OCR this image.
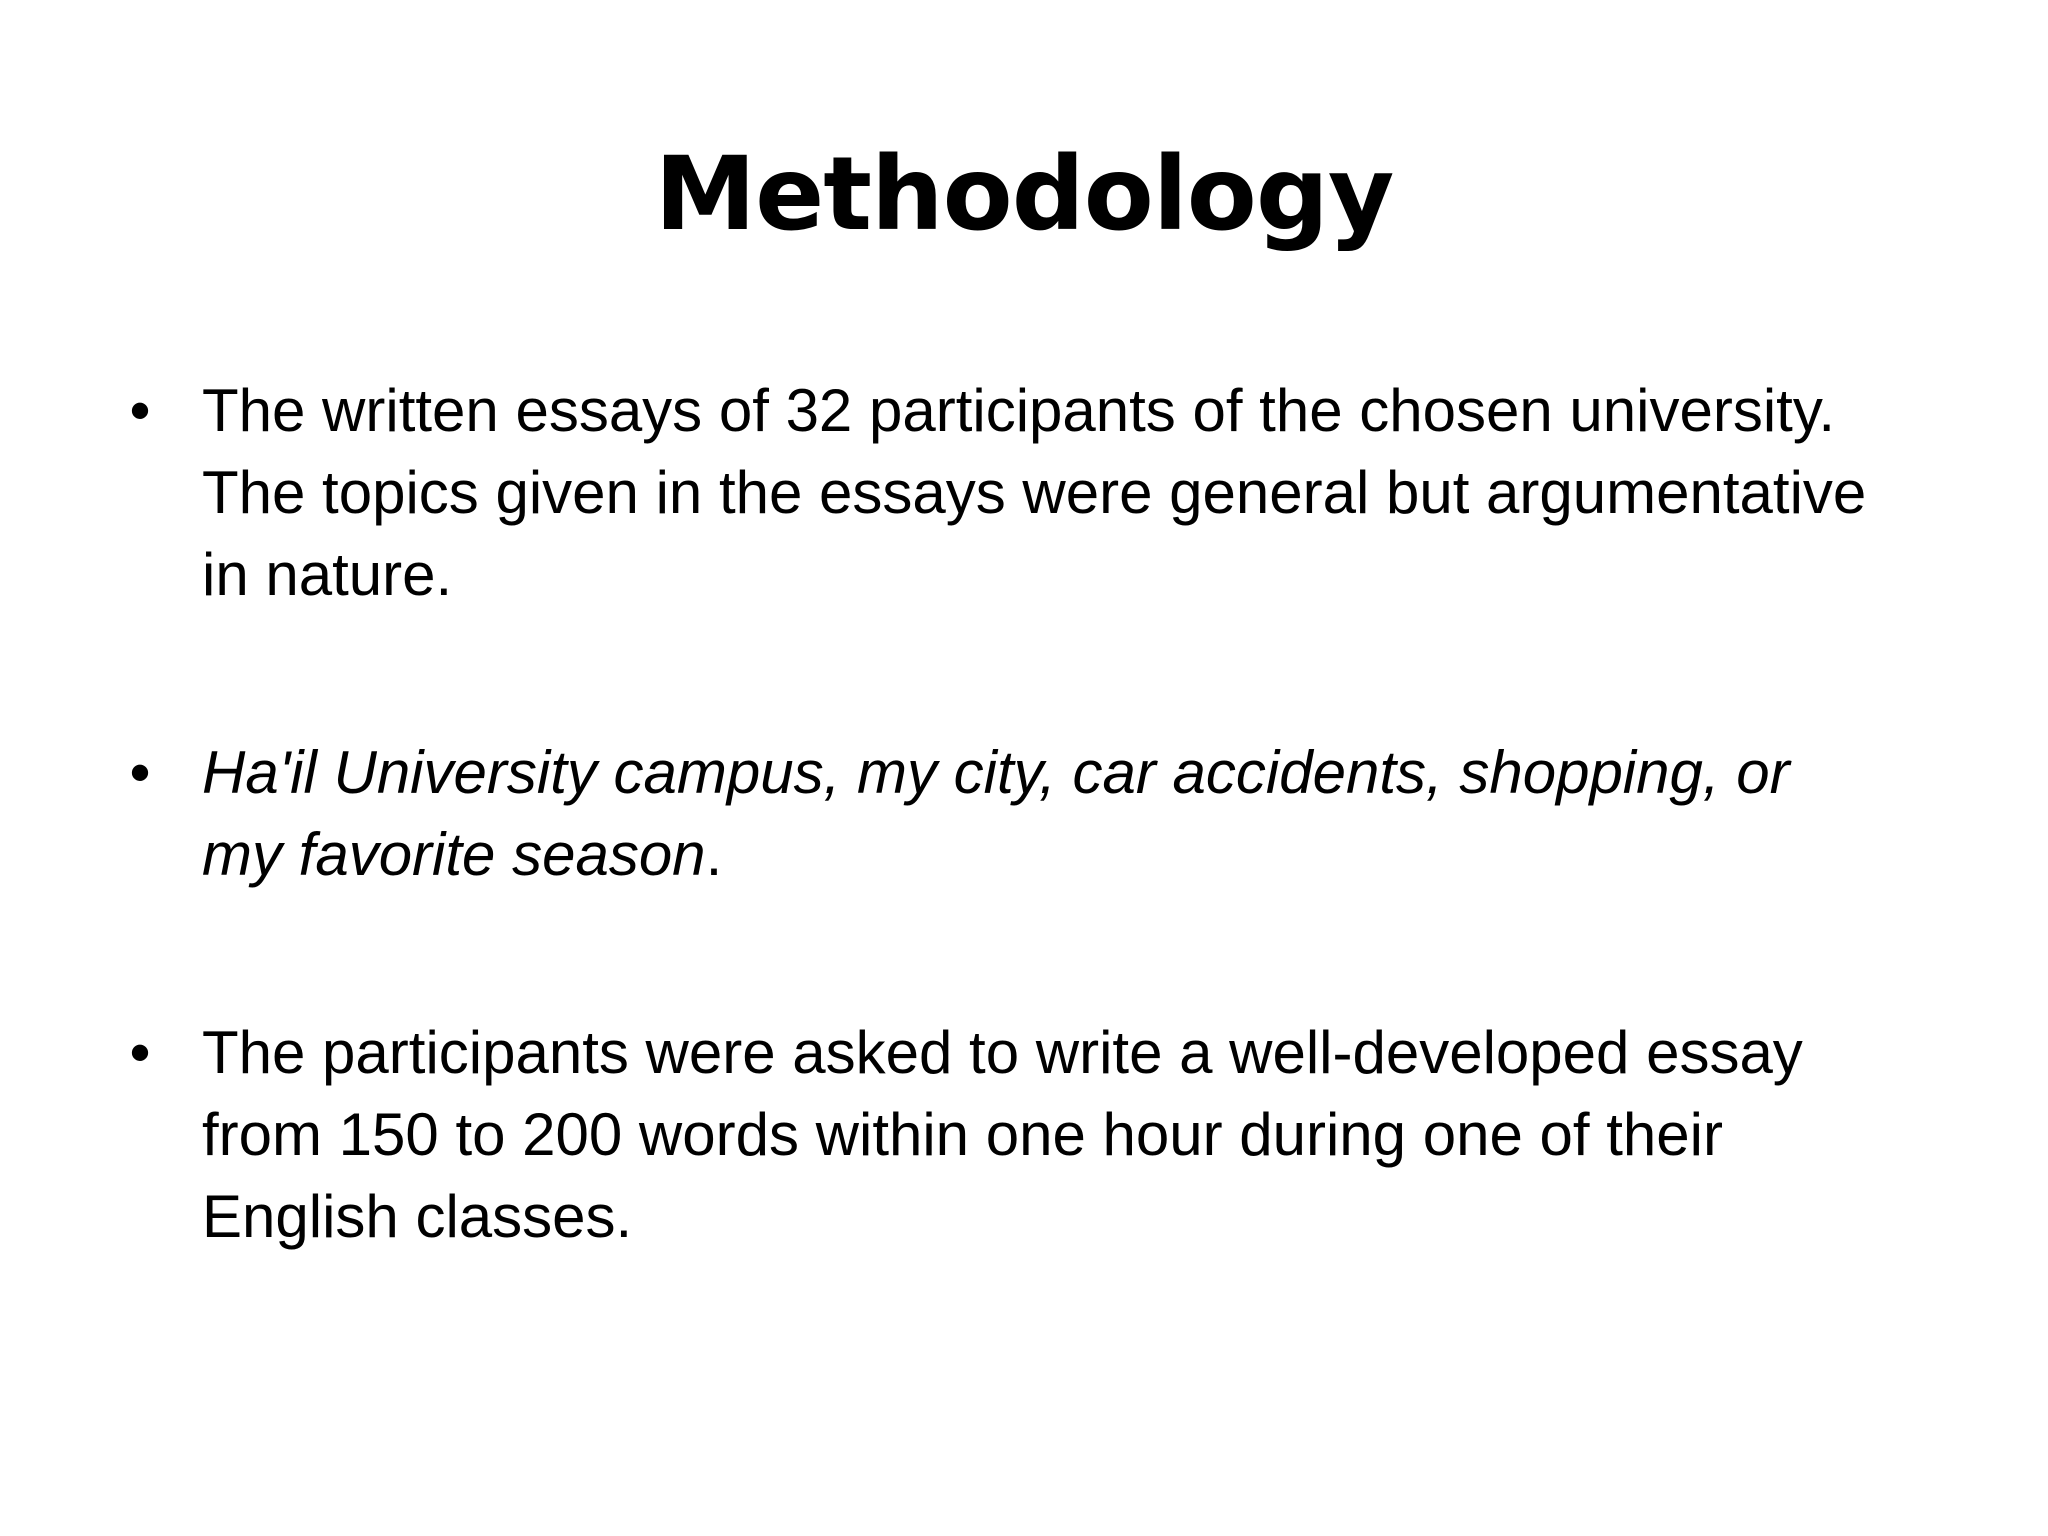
Methodology
• The written essays of 32 participants of the chosen university.
The topics given in the essays were general but argumentative
in nature.
• Ha'il University campus, my city, car accidents, shopping, or
my favorite season.
• The participants were asked to write a well-developed essay
from 150 to 200 words within one hour during one of their
English classes.
